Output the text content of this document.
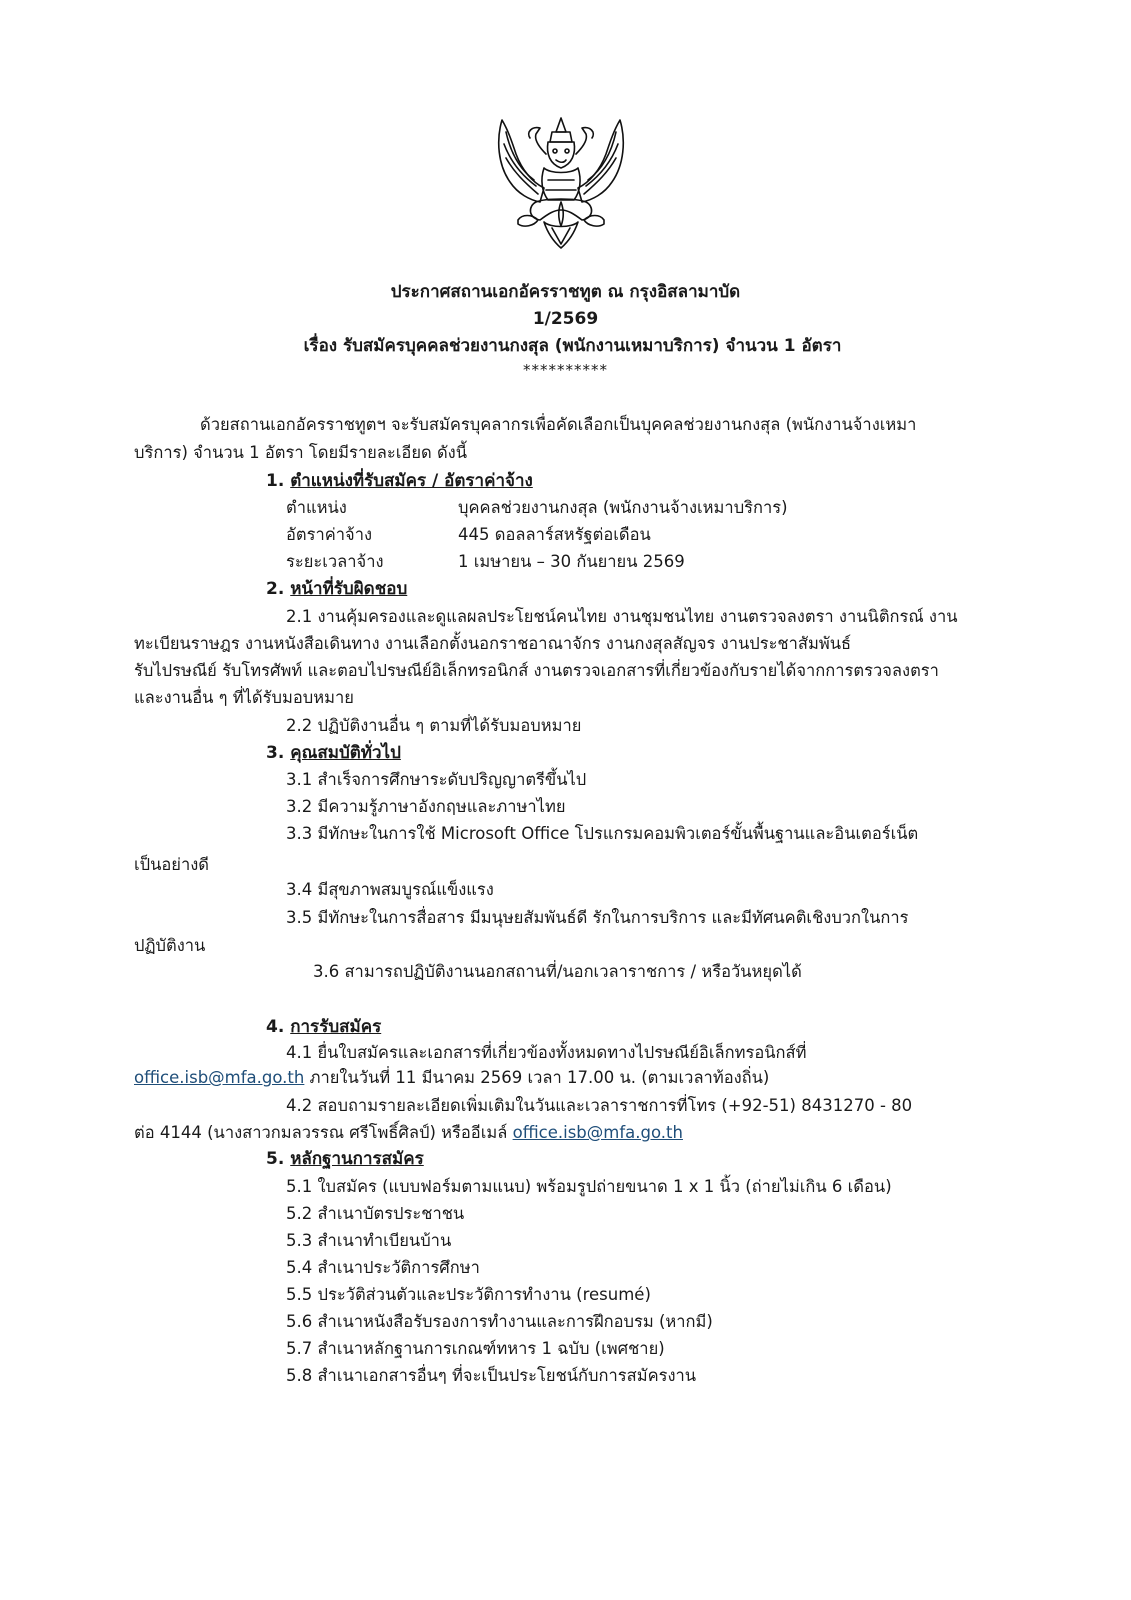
ประกาศสถานเอกอัครราชทูต ณ กรุงอิสลามาบัด
1/2569
เรื่อง รับสมัครบุคคลช่วยงานกงสุล (พนักงานเหมาบริการ) จำนวน 1 อัตรา
**********
ด้วยสถานเอกอัครราชทูตฯ จะรับสมัครบุคลากรเพื่อคัดเลือกเป็นบุคคลช่วยงานกงสุล (พนักงานจ้างเหมา
บริการ) จำนวน 1 อัตรา โดยมีรายละเอียด ดังนี้
1. ตำแหน่งที่รับสมัคร / อัตราค่าจ้าง
ตำแหน่ง	บุคคลช่วยงานกงสุล (พนักงานจ้างเหมาบริการ)
อัตราค่าจ้าง	445 ดอลลาร์สหรัฐต่อเดือน
ระยะเวลาจ้าง	1 เมษายน – 30 กันยายน 2569
2. หน้าที่รับผิดชอบ
2.1 งานคุ้มครองและดูแลผลประโยชน์คนไทย งานชุมชนไทย งานตรวจลงตรา งานนิติกรณ์ งาน
ทะเบียนราษฎร งานหนังสือเดินทาง งานเลือกตั้งนอกราชอาณาจักร งานกงสุลสัญจร งานประชาสัมพันธ์
รับไปรษณีย์ รับโทรศัพท์ และตอบไปรษณีย์อิเล็กทรอนิกส์ งานตรวจเอกสารที่เกี่ยวข้องกับรายได้จากการตรวจลงตรา
และงานอื่น ๆ ที่ได้รับมอบหมาย
2.2 ปฏิบัติงานอื่น ๆ ตามที่ได้รับมอบหมาย
3. คุณสมบัติทั่วไป
3.1 สำเร็จการศึกษาระดับปริญญาตรีขึ้นไป
3.2 มีความรู้ภาษาอังกฤษและภาษาไทย
3.3 มีทักษะในการใช้ Microsoft Office โปรแกรมคอมพิวเตอร์ขั้นพื้นฐานและอินเตอร์เน็ต
เป็นอย่างดี
3.4 มีสุขภาพสมบูรณ์แข็งแรง
3.5 มีทักษะในการสื่อสาร มีมนุษยสัมพันธ์ดี รักในการบริการ และมีทัศนคติเชิงบวกในการ
ปฏิบัติงาน
3.6 สามารถปฏิบัติงานนอกสถานที่/นอกเวลาราชการ / หรือวันหยุดได้
4. การรับสมัคร
4.1 ยื่นใบสมัครและเอกสารที่เกี่ยวข้องทั้งหมดทางไปรษณีย์อิเล็กทรอนิกส์ที่
office.isb@mfa.go.th ภายในวันที่ 11 มีนาคม 2569 เวลา 17.00 น. (ตามเวลาท้องถิ่น)
4.2 สอบถามรายละเอียดเพิ่มเติมในวันและเวลาราชการที่โทร (+92-51) 8431270 - 80
ต่อ 4144 (นางสาวกมลวรรณ ศรีโพธิ์ศิลป์) หรืออีเมล์ office.isb@mfa.go.th
5. หลักฐานการสมัคร
5.1 ใบสมัคร (แบบฟอร์มตามแนบ) พร้อมรูปถ่ายขนาด 1 x 1 นิ้ว (ถ่ายไม่เกิน 6 เดือน)
5.2 สำเนาบัตรประชาชน
5.3 สำเนาทำเบียนบ้าน
5.4 สำเนาประวัติการศึกษา
5.5 ประวัติส่วนตัวและประวัติการทำงาน (resumé)
5.6 สำเนาหนังสือรับรองการทำงานและการฝึกอบรม (หากมี)
5.7 สำเนาหลักฐานการเกณฑ์ทหาร 1 ฉบับ (เพศชาย)
5.8 สำเนาเอกสารอื่นๆ ที่จะเป็นประโยชน์กับการสมัครงาน
